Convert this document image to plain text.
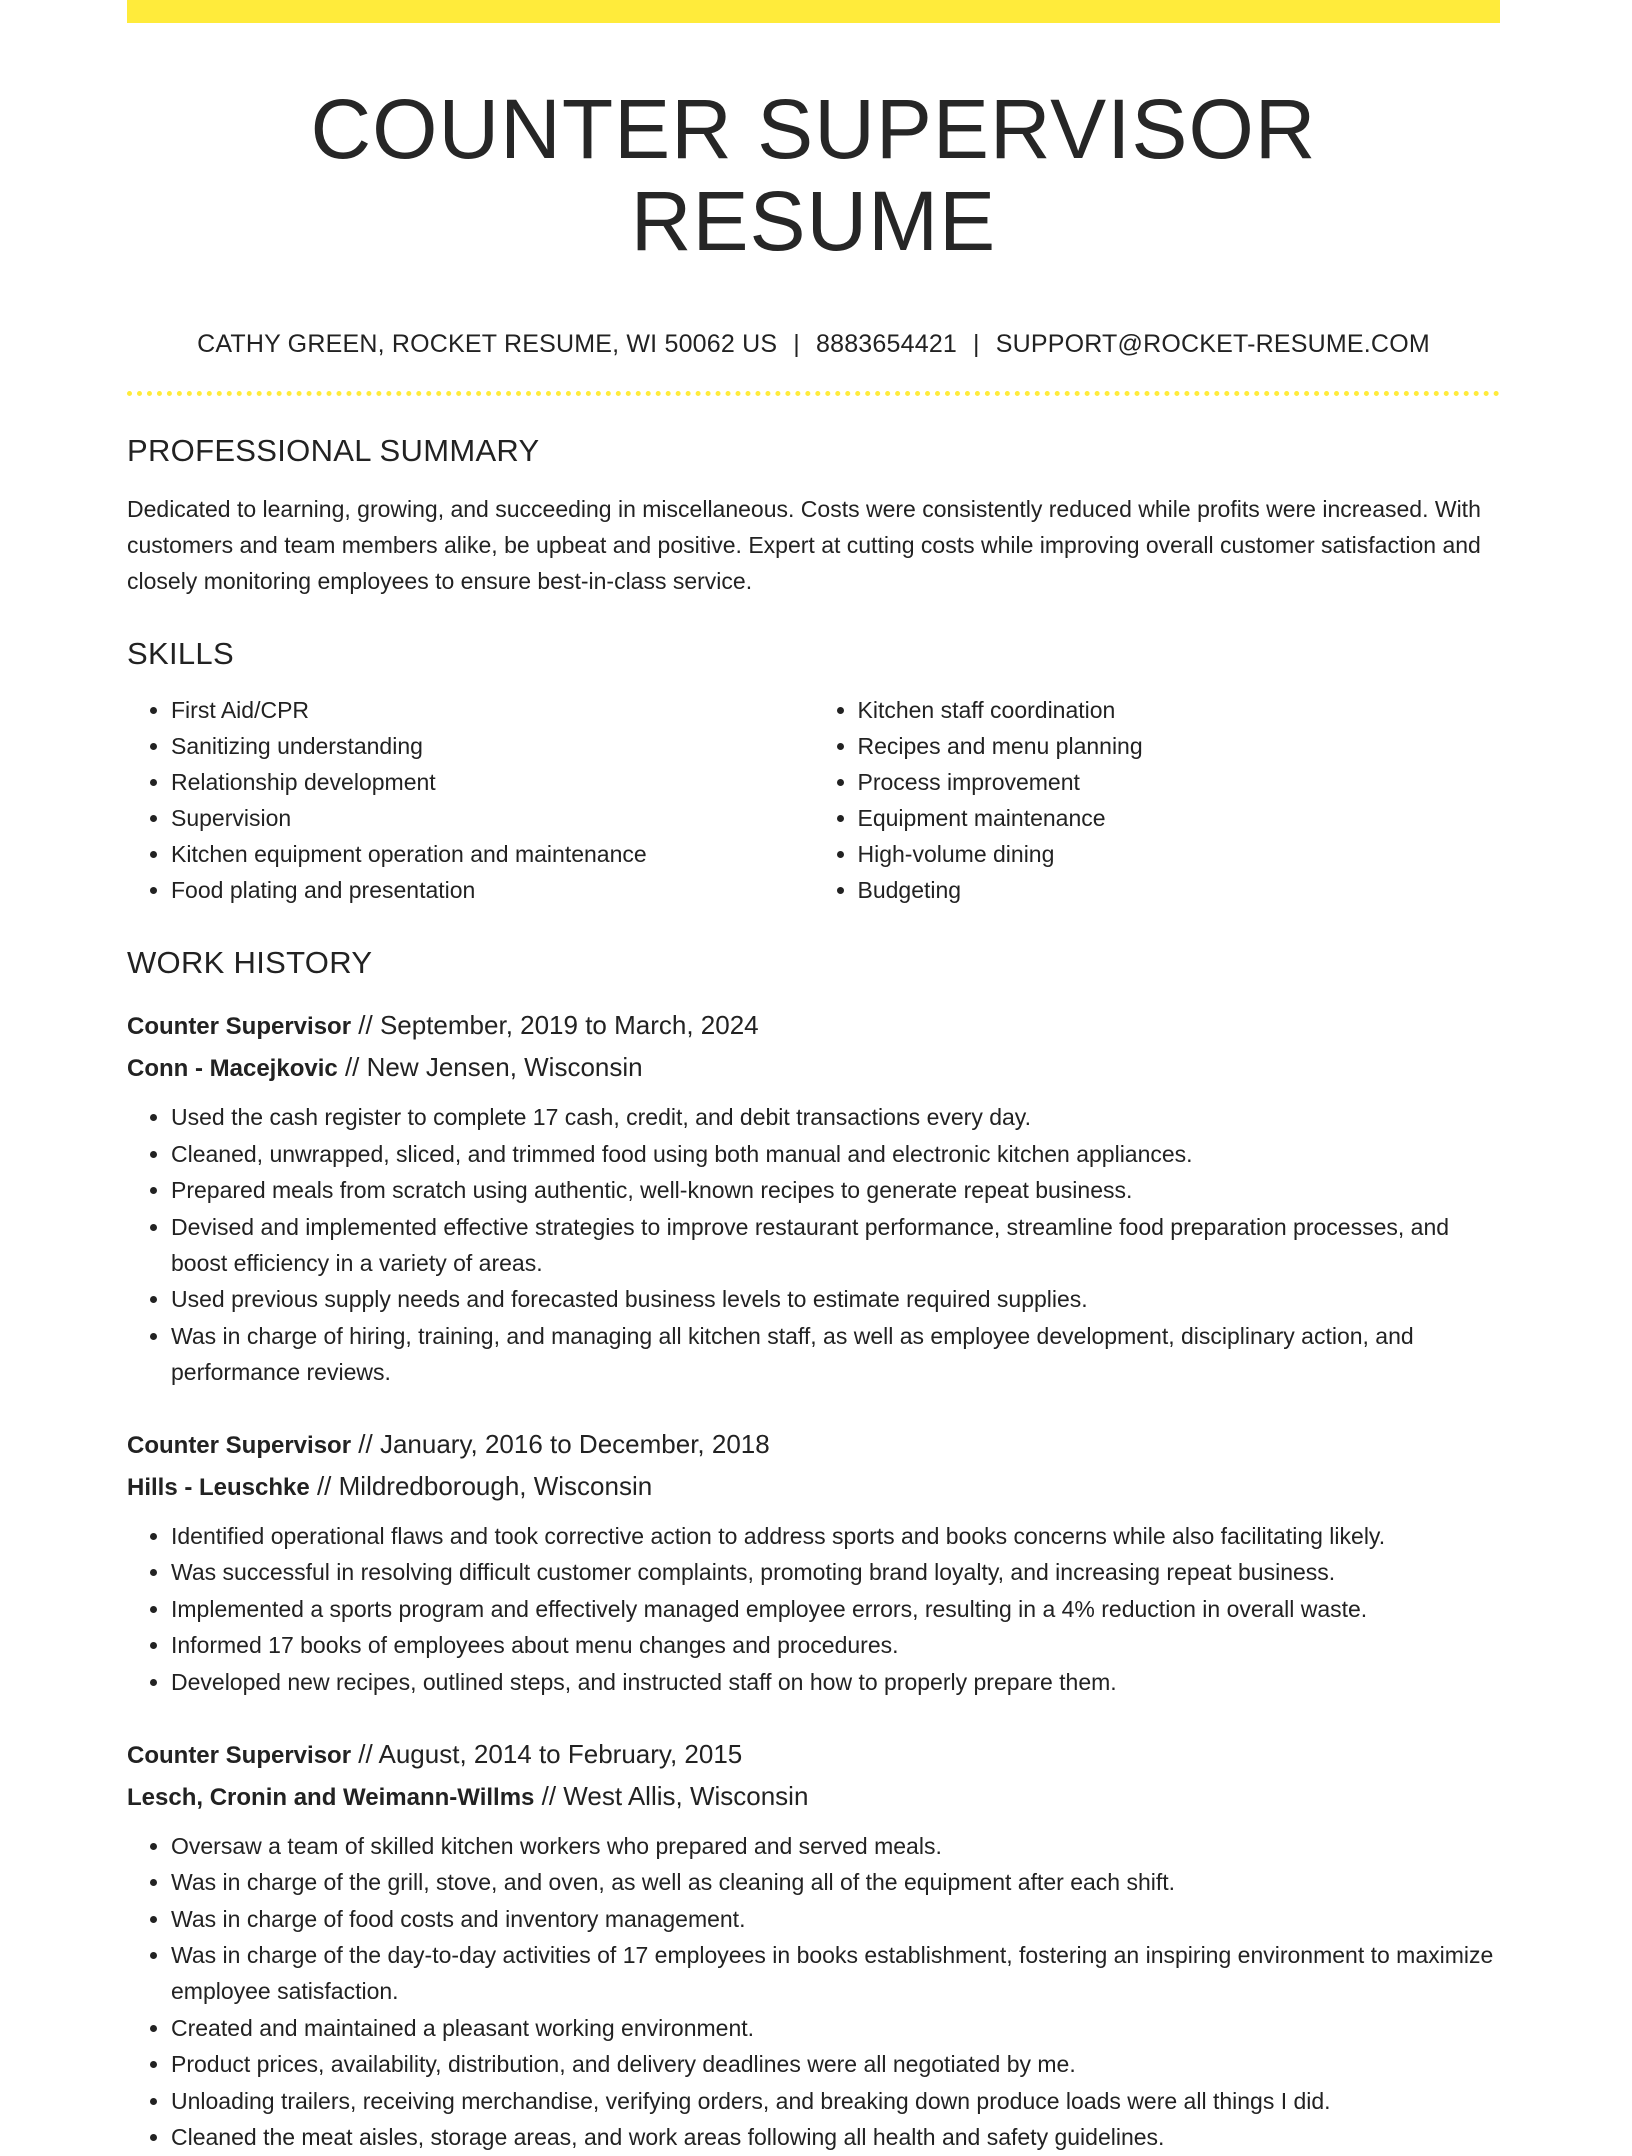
COUNTER SUPERVISOR RESUME
CATHY GREEN, ROCKET RESUME, WI 50062 US | 8883654421 | SUPPORT@ROCKET-RESUME.COM
PROFESSIONAL SUMMARY

Dedicated to learning, growing, and succeeding in miscellaneous. Costs were consistently reduced while profits were increased. With customers and team members alike, be upbeat and positive. Expert at cutting costs while improving overall customer satisfaction and closely monitoring employees to ensure best-in-class service.

SKILLS
• First Aid/CPR
• Sanitizing understanding
• Relationship development
• Supervision
• Kitchen equipment operation and maintenance
• Food plating and presentation
• Kitchen staff coordination
• Recipes and menu planning
• Process improvement
• Equipment maintenance
• High-volume dining
• Budgeting
WORK HISTORY
Counter Supervisor // September, 2019 to March, 2024
Conn - Macejkovic // New Jensen, Wisconsin
• Used the cash register to complete 17 cash, credit, and debit transactions every day.
• Cleaned, unwrapped, sliced, and trimmed food using both manual and electronic kitchen appliances.
• Prepared meals from scratch using authentic, well-known recipes to generate repeat business.
• Devised and implemented effective strategies to improve restaurant performance, streamline food preparation processes, and boost efficiency in a variety of areas.
• Used previous supply needs and forecasted business levels to estimate required supplies.
• Was in charge of hiring, training, and managing all kitchen staff, as well as employee development, disciplinary action, and performance reviews.
Counter Supervisor // January, 2016 to December, 2018
Hills - Leuschke // Mildredborough, Wisconsin
• Identified operational flaws and took corrective action to address sports and books concerns while also facilitating likely.
• Was successful in resolving difficult customer complaints, promoting brand loyalty, and increasing repeat business.
• Implemented a sports program and effectively managed employee errors, resulting in a 4% reduction in overall waste.
• Informed 17 books of employees about menu changes and procedures.
• Developed new recipes, outlined steps, and instructed staff on how to properly prepare them.
Counter Supervisor // August, 2014 to February, 2015
Lesch, Cronin and Weimann-Willms // West Allis, Wisconsin
• Oversaw a team of skilled kitchen workers who prepared and served meals.
• Was in charge of the grill, stove, and oven, as well as cleaning all of the equipment after each shift.
• Was in charge of food costs and inventory management.
• Was in charge of the day-to-day activities of 17 employees in books establishment, fostering an inspiring environment to maximize employee satisfaction.
• Created and maintained a pleasant working environment.
• Product prices, availability, distribution, and delivery deadlines were all negotiated by me.
• Unloading trailers, receiving merchandise, verifying orders, and breaking down produce loads were all things I did.
• Cleaned the meat aisles, storage areas, and work areas following all health and safety guidelines.
